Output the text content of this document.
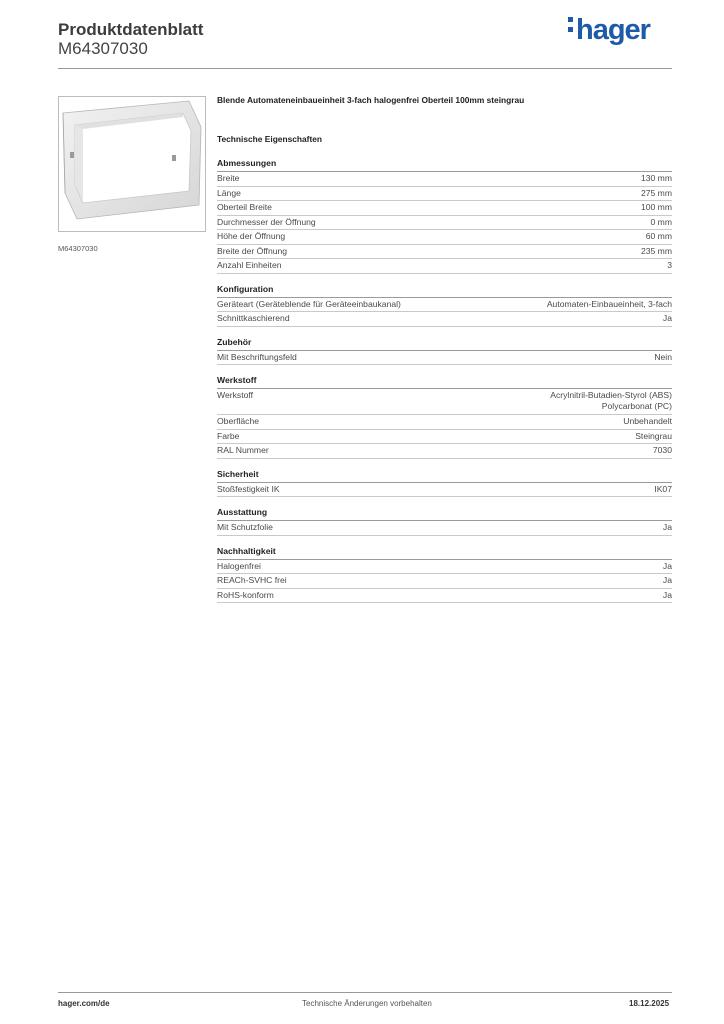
Produktdatenblatt
M64307030
hager
M64307030
Blende Automateneinbaueinheit 3-fach halogenfrei Oberteil 100mm steingrau
Technische Eigenschaften
Abmessungen
Breite	130 mm
Länge	275 mm
Oberteil Breite	100 mm
Durchmesser der Öffnung	0 mm
Höhe der Öffnung	60 mm
Breite der Öffnung	235 mm
Anzahl Einheiten	3
Konfiguration
Geräteart (Geräteblende für Geräteeinbaukanal)	Automaten-Einbaueinheit, 3-fach
Schnittkaschierend	Ja
Zubehör
Mit Beschriftungsfeld	Nein
Werkstoff
Werkstoff	Acrylnitril-Butadien-Styrol (ABS)
Polycarbonat (PC)
Oberfläche	Unbehandelt
Farbe	Steingrau
RAL Nummer	7030
Sicherheit
Stoßfestigkeit IK	IK07
Ausstattung
Mit Schutzfolie	Ja
Nachhaltigkeit
Halogenfrei	Ja
REACh-SVHC frei	Ja
RoHS-konform	Ja
hager.com/de	Technische Änderungen vorbehalten	18.12.2025
